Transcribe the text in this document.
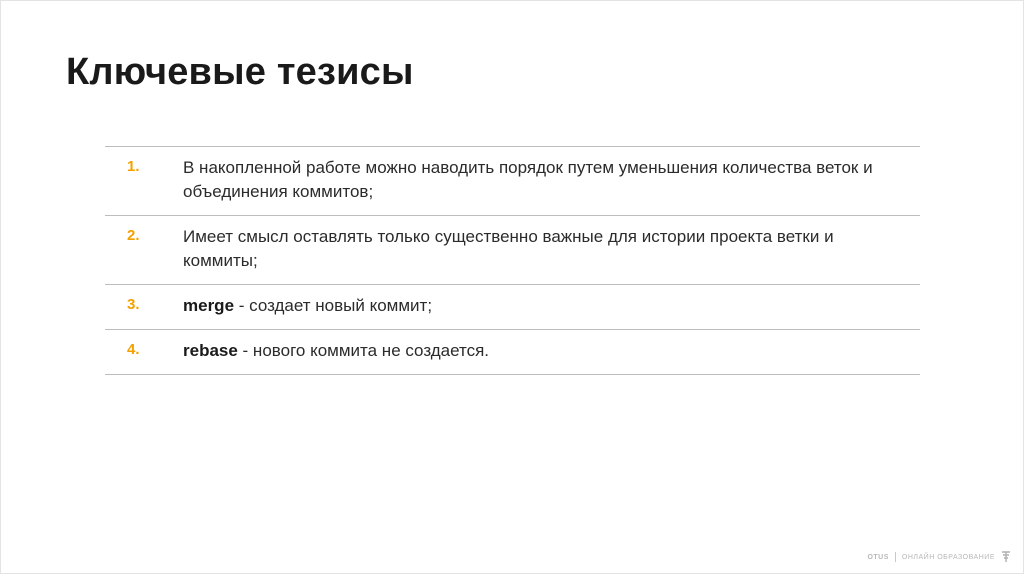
Ключевые тезисы
1.	В накопленной работе можно наводить порядок путем уменьшения количества веток и объединения коммитов;
2.	Имеет смысл оставлять только существенно важные для истории проекта ветки и коммиты;
3.	merge - создает новый коммит;
4.	rebase - нового коммита не создается.
OTUS ОНЛАЙН ОБРАЗОВАНИЕ
